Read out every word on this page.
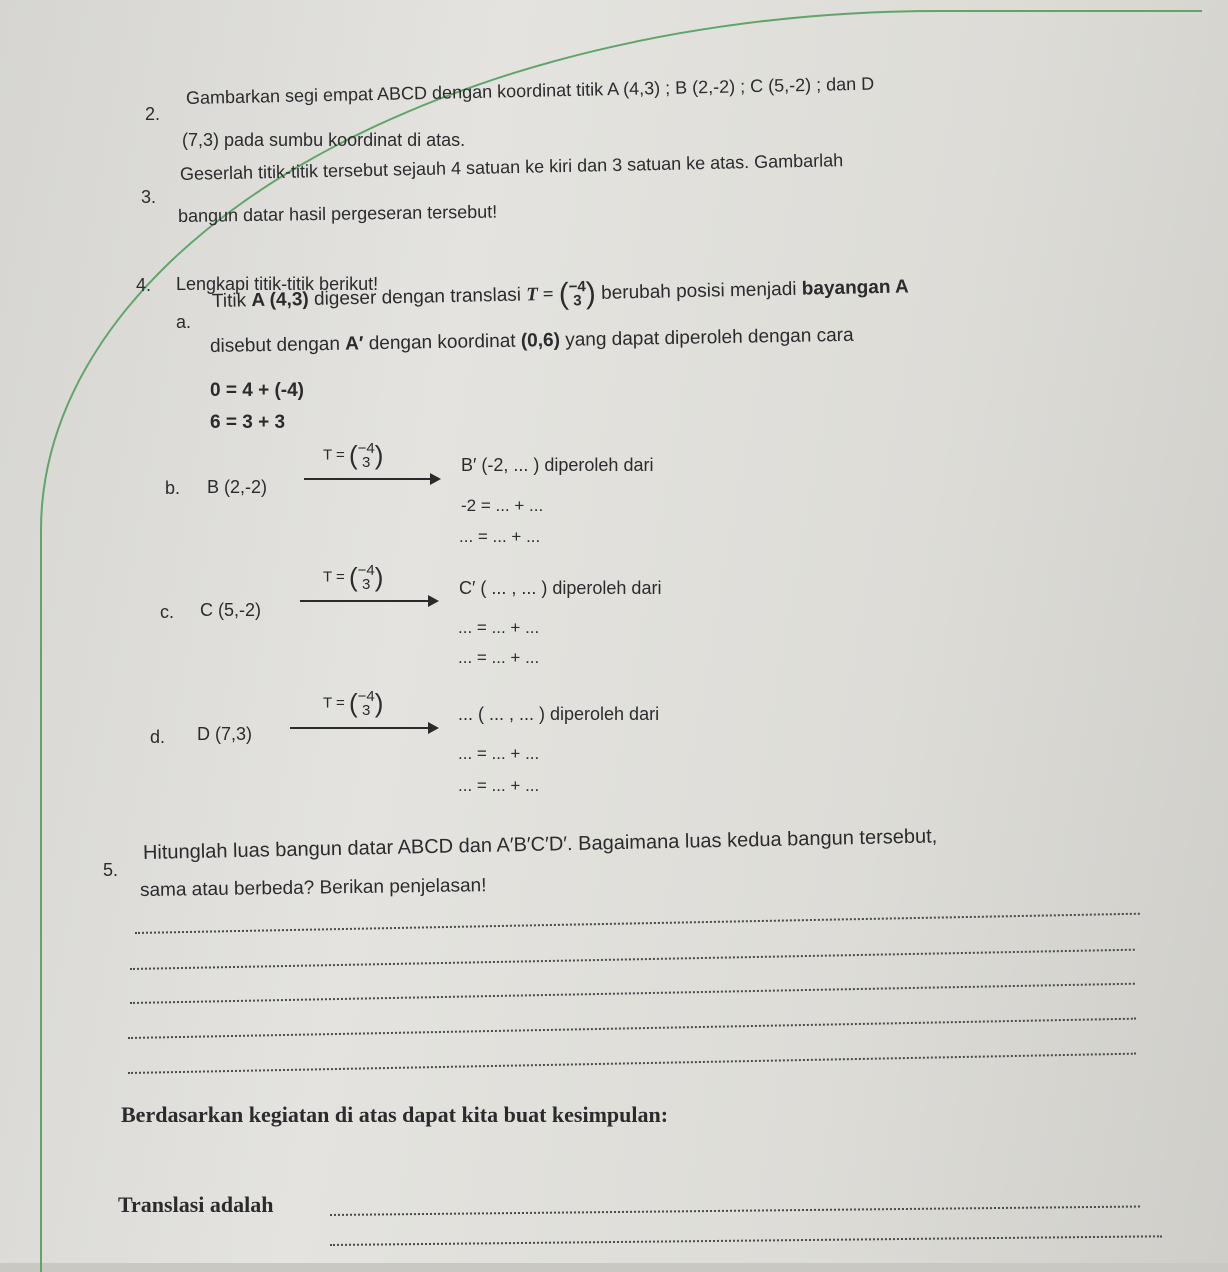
2.
Gambarkan segi empat ABCD dengan koordinat titik A (4,3) ; B (2,-2) ; C (5,-2) ; dan D
(7,3) pada sumbu koordinat di atas.
3.
Geserlah titik-titik tersebut sejauh 4 satuan ke kiri dan 3 satuan ke atas. Gambarlah
bangun datar hasil pergeseran tersebut!
4. Lengkapi titik-titik berikut!
a.
Titik
A (4,3)
digeser dengan translasi
T =
( −4
3 )
berubah posisi menjadi
bayangan A
disebut dengan A′ dengan koordinat (0,6) yang dapat diperoleh dengan cara
0 = 4 + (-4)
6 = 3 + 3
b. B (2,-2)
T = (−4
3 )	B′ (-2, ... ) diperoleh dari
-2 = ... + ...
... = ... + ...
c. C (5,-2)
T = (−4
3 )	C′ ( ... , ... ) diperoleh dari
... = ... + ...
... = ... + ...
d. D (7,3)
T = (−4
3 )	... ( ... , ... ) diperoleh dari
... = ... + ...
... = ... + ...
5.
Hitunglah luas bangun datar ABCD dan A′B′C′D′. Bagaimana luas kedua bangun tersebut,
sama atau berbeda? Berikan penjelasan!
Berdasarkan kegiatan di atas dapat kita buat kesimpulan:
Translasi adalah
